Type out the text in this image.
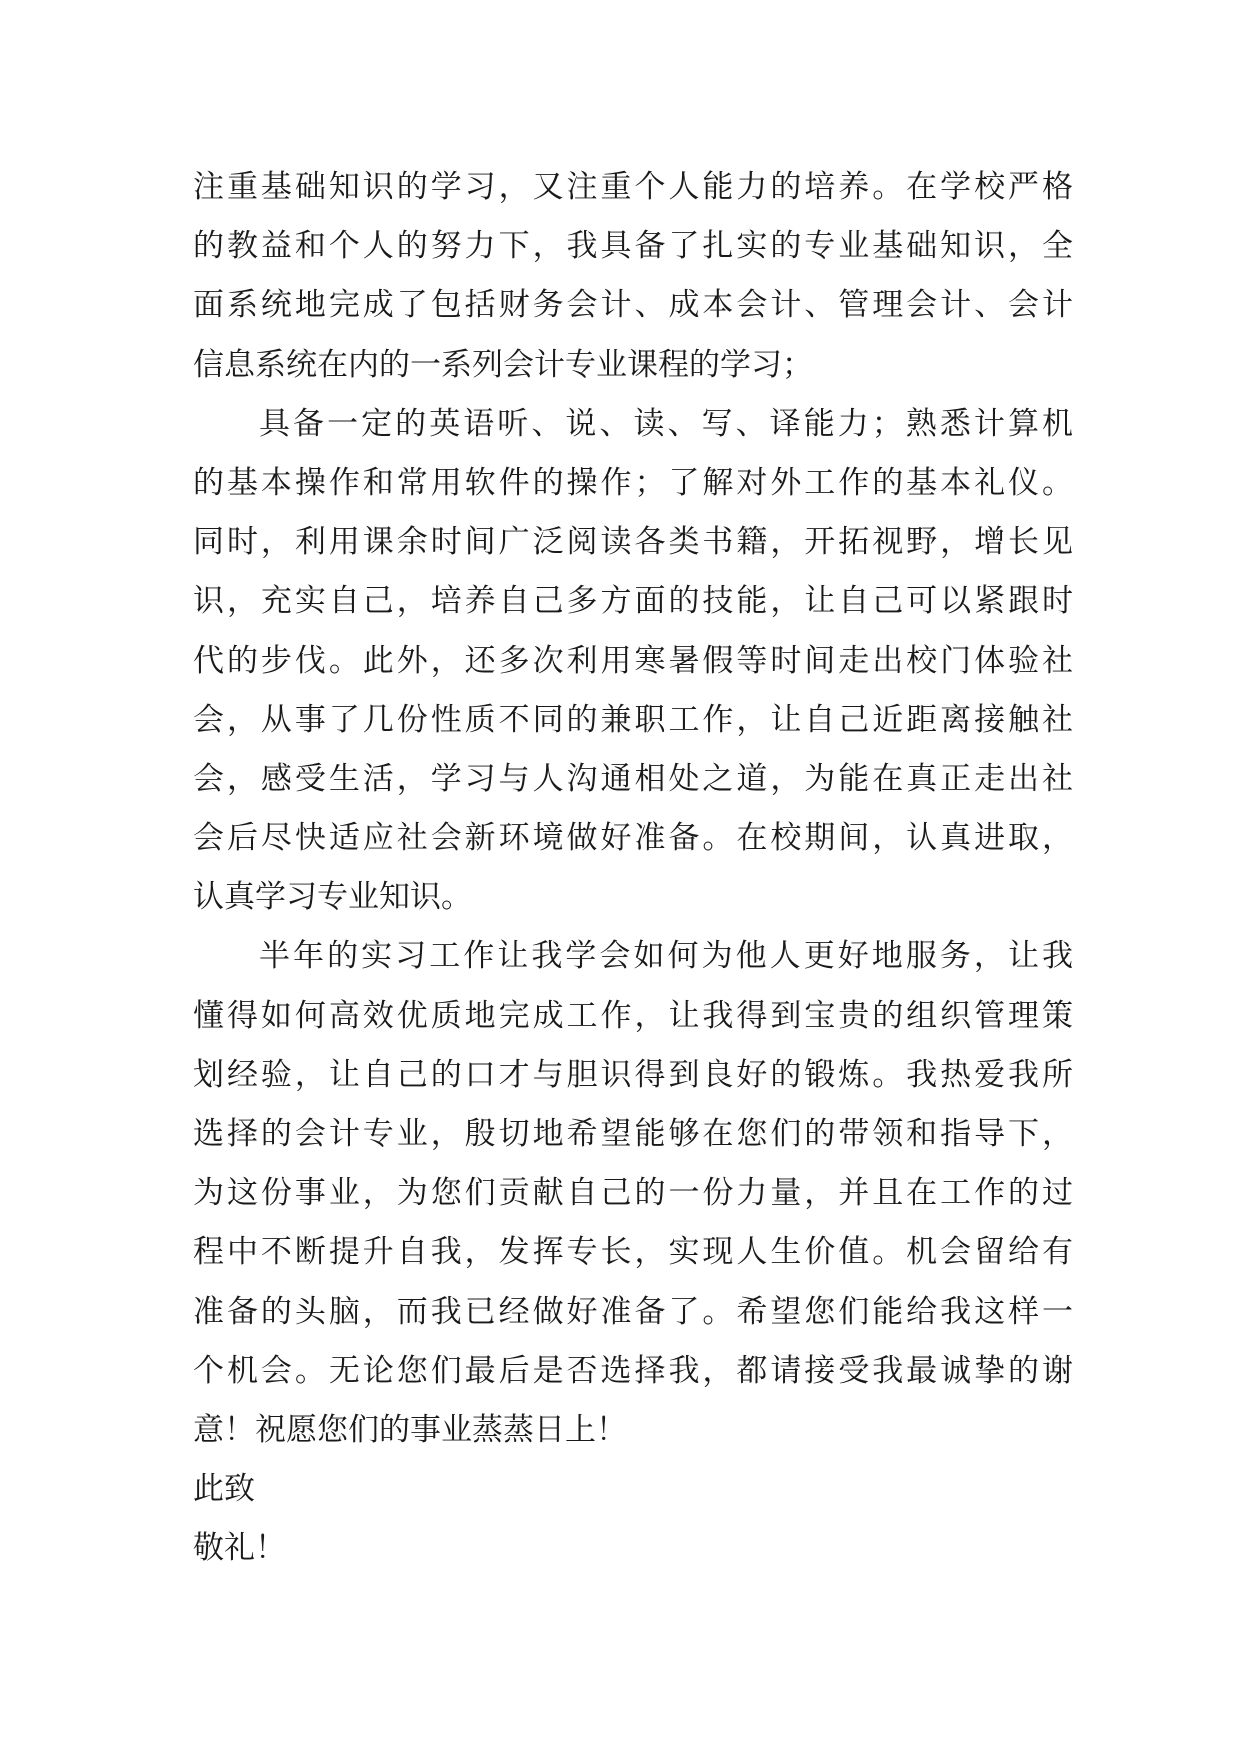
注重基础知识的学习，又注重个人能力的培养。在学校严格
的教益和个人的努力下，我具备了扎实的专业基础知识，全
面系统地完成了包括财务会计、成本会计、管理会计、会计
信息系统在内的一系列会计专业课程的学习；
具备一定的英语听、说、读、写、译能力；熟悉计算机
的基本操作和常用软件的操作；了解对外工作的基本礼仪。
同时，利用课余时间广泛阅读各类书籍，开拓视野，增长见
识，充实自己，培养自己多方面的技能，让自己可以紧跟时
代的步伐。此外，还多次利用寒暑假等时间走出校门体验社
会，从事了几份性质不同的兼职工作，让自己近距离接触社
会，感受生活，学习与人沟通相处之道，为能在真正走出社
会后尽快适应社会新环境做好准备。在校期间，认真进取，
认真学习专业知识。
半年的实习工作让我学会如何为他人更好地服务，让我
懂得如何高效优质地完成工作，让我得到宝贵的组织管理策
划经验，让自己的口才与胆识得到良好的锻炼。我热爱我所
选择的会计专业，殷切地希望能够在您们的带领和指导下，
为这份事业，为您们贡献自己的一份力量，并且在工作的过
程中不断提升自我，发挥专长，实现人生价值。机会留给有
准备的头脑，而我已经做好准备了。希望您们能给我这样一
个机会。无论您们最后是否选择我，都请接受我最诚挚的谢
意！祝愿您们的事业蒸蒸日上！
此致
敬礼！
